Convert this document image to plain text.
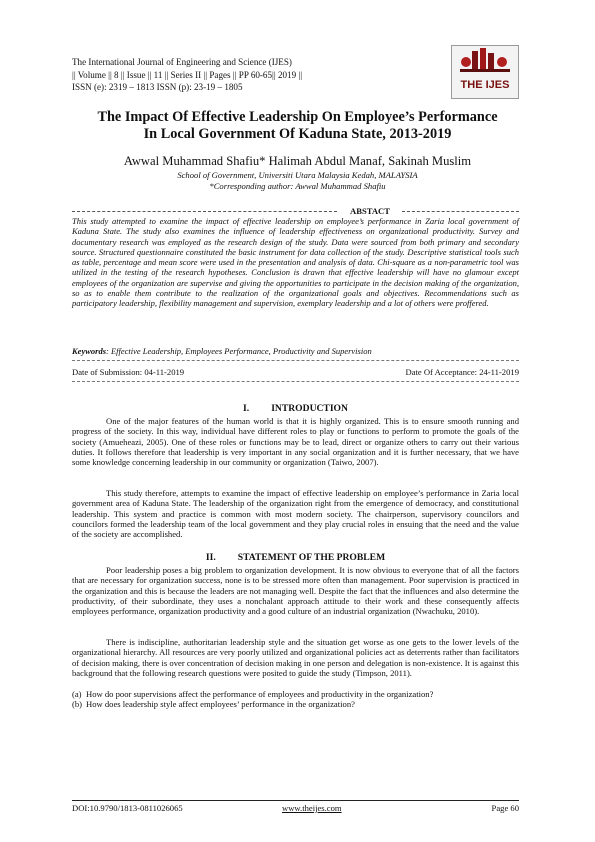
The International Journal of Engineering and Science (IJES)
|| Volume || 8 || Issue || 11 || Series II || Pages || PP 60-65|| 2019 ||
ISSN (e): 2319 – 1813 ISSN (p): 23-19 – 1805	THE IJES
The Impact Of Effective Leadership On Employee’s Performance
In Local Government Of Kaduna State, 2013-2019
Awwal Muhammad Shafiu* Halimah Abdul Manaf, Sakinah Muslim
School of Government, Universiti Utara Malaysia Kedah, MALAYSIA
*Corresponding author: Awwal Muhammad Shafiu
ABSTACT
This study attempted to examine the impact of effective leadership on employee’s performance in Zaria local government of Kaduna State. The study also examines the influence of leadership effectiveness on organizational productivity. Survey and documentary research was employed as the research design of the study. Data were sourced from both primary and secondary source. Structured questionnaire constituted the basic instrument for data collection of the study. Descriptive statistical tools such as table, percentage and mean score were used in the presentation and analysis of data. Chi-square as a non-parametric tool was utilized in the testing of the research hypotheses. Conclusion is drawn that effective leadership will have no glamour except employees of the organization are supervise and giving the opportunities to participate in the decision making of the organization, so as to enable them contribute to the realization of the organizational goals and objectives. Recommendations such as participatory leadership, flexibility management and supervision, exemplary leadership and a lot of others were proffered.
Keywords: Effective Leadership, Employees Performance, Productivity and Supervision
Date of Submission: 04-11-2019	Date Of Acceptance: 24-11-2019
I. INTRODUCTION
One of the major features of the human world is that it is highly organized. This is to ensure smooth running and progress of the society. In this way, individual have different roles to play or functions to perform to promote the goals of the society (Amueheazi, 2005). One of these roles or functions may be to lead, direct or organize others to carry out their various duties. It follows therefore that leadership is very important in any social organization and it is further necessary, that we have some knowledge concerning leadership in our community or organization (Taiwo, 2007).
This study therefore, attempts to examine the impact of effective leadership on employee’s performance in Zaria local government area of Kaduna State. The leadership of the organization right from the emergence of democracy, and constitutional leadership. This system and practice is common with most modern society. The chairperson, supervisory councilors and councilors formed the leadership team of the local government and they play crucial roles in ensuing that the need and the value of the society are accomplished.
II. STATEMENT OF THE PROBLEM
Poor leadership poses a big problem to organization development. It is now obvious to everyone that of all the factors that are necessary for organization success, none is to be stressed more often than management. Poor supervision is practiced in the organization and this is because the leaders are not managing well. Despite the fact that the influences and also determine the productivity, of their subordinate, they uses a nonchalant approach attitude to their work and these consequently affects employees performance, organization productivity and a good culture of an industrial organization (Nwachuku, 2010).
There is indiscipline, authoritarian leadership style and the situation get worse as one gets to the lower levels of the organizational hierarchy. All resources are very poorly utilized and organizational policies act as deterrents rather than facilitators of decision making, there is over concentration of decision making in one person and delegation is non-existence. It is against this background that the following research questions were posited to guide the study (Timpson, 2011).
(a) How do poor supervisions affect the performance of employees and productivity in the organization?
(b) How does leadership style affect employees’ performance in the organization?
DOI:10.9790/1813-0811026065	www.theijes.com	Page 60
